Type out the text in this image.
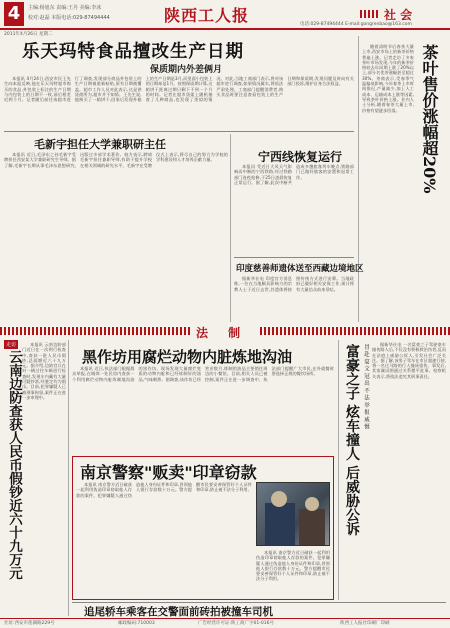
4	主编:杨旭东 责编:王丹 美编:李冰
校对:赵磊 本版电话:029-87494444	陕西工人报	社 会
电话:029-87494444 E-mail:gongrenbao@163.com
2011年4月26日 星期二
乐天玛特食品擅改生产日期
保质期内外差俩月

本报讯 4月24日,西安市民王先生向本报反映,他在乐天玛特超市购买的食品,外包装上标注的生产日期与内包装上的日期不一致,前后相差近两个月。记者随后前往该超市进行了调查,发现部分商品外包装上的生产日期被重新粘贴,原有日期被覆盖。超市工作人员对此表示,这是供货商所为,超市并不知情。王先生说,他购买了一箱饼干,回家后发现外箱上的生产日期是3月,而里面小包装上的日期却是1月。按照保质期计算,这箱饼干距离过期只剩下不到一个月的时间。记者在超市货架上随机抽查了几种商品,也发现了类似的情况。对此,当地工商部门表示,将对该超市进行调查,如果情况属实,将依法严肃处理。工商部门提醒消费者,购买食品时要注意查看包装上的生产日期和保质期,发现问题及时向有关部门投诉,维护自身合法权益。	茶叶售价涨幅超20%

随着清明节后春茶大量上市,西安市场上的新茶价格普遍上涨。记者走访了多家茶叶市场发现,今年的新茶价格较去年同期上涨了20%以上,部分名优茶涨幅甚至超过30%。茶商表示,受春季气温偏低影响,今年春茶上市时间推迟,产量减少,加上人工成本、运输成本上涨等因素,导致茶叶价格上涨。业内人士分析,随着春茶大量上市,价格有望逐步回落。

毛新宇担任大学兼职研主任

本报讯 近日,毛泽东之孙毛新宇受聘担任西安某大学兼职研究生导师。据了解,毛新宇长期从事毛泽东思想研究,出版过多部学术著作。校方表示,聘请毛新宇担任兼职导师,有助于提升学校在相关领域的研究水平。毛新宇在受聘仪式上表示,将尽自己的努力为学校的学科建设和人才培养贡献力量。	宁西线恢复运行

本报讯 受近日大风天气影响而中断的宁西铁路,经过铁路部门连夜抢修,于25日凌晨恢复正常运行。据了解,此次中断共造成多趟旅客列车晚点,铁路部门已做好旅客的安置和退票工作。

印度慈善师遗体送至西藏边境地区

据新华社电 印度官方消息称,一位在当地颇具影响力的宗教人士于近日去世,其遗体将按照传统方式进行安葬。当地政府已做好相关安保工作,预计将有大量信众前来吊唁。

法 制
走访
云南边防查获人民币假钞近六十九万元

本报讯 云南边防部门近日在一次例行检查中,查获一批人民币假钞,总面额近六十九万元。据介绍,边防官兵在对一辆过往车辆进行检查时,发现车内藏有大量可疑钞票,经鉴定均为假币。目前,犯罪嫌疑人已被刑事拘留,案件正在进一步审理中。

黑作坊用腐烂动物内脏炼地沟油

本报讯 近日,执法部门根据群众举报,在城郊一处民房内查获一个利用腐烂动物内脏炼制地沟油的黑作坊。现场发现大量腐烂变质的动物内脏和已经炼制好的油品,气味刺鼻。据调查,该作坊已经营业数月,炼制的油品主要销往周边的小餐馆。目前,相关人员已被控制,案件正在进一步调查中。执法部门提醒广大市民,在外就餐时要选择正规的餐饮场所。

南京警察"贩卖"印章窃款

本报讯 南京警方近日破获一起利用伪造印章窃取他人存款的案件。犯罪嫌疑人通过伪造他人身份证件和印章,冒领他人银行存款数十万元。警方提醒市民要妥善保管好个人证件和印章,防止被不法分子利用。

本报讯 南京警方近日破获一起利用伪造印章窃取他人存款的案件。犯罪嫌疑人通过伪造他人身份证件和印章,冒领他人银行存款数十万元。警方提醒市民要妥善保管好个人证件和印章,防止被不法分子利用。

富豪之子 炫车撞人 后威胁公诉 冒 赴 宴 文 冠 出 不 法 举 报 威 慑	据新华社电 一名富豪之子驾驶豪车撞伤路人后,不仅没有积极救治伤者,反而在法庭上威胁公诉人,引发社会广泛关注。据了解,该男子驾车在市区超速行驶,将一名过马路的行人撞成重伤。事发后,其家属试图通过关系摆平此事。检察机关表示,将依法追究其刑事责任。

追尾轿车乘客在交警面前砖拍被撞车司机
社址:西安市莲湖路229号	邮政编码:710003	广告经营许可证:陕工商广字01-016号	陕西工人报社印刷厂印刷
